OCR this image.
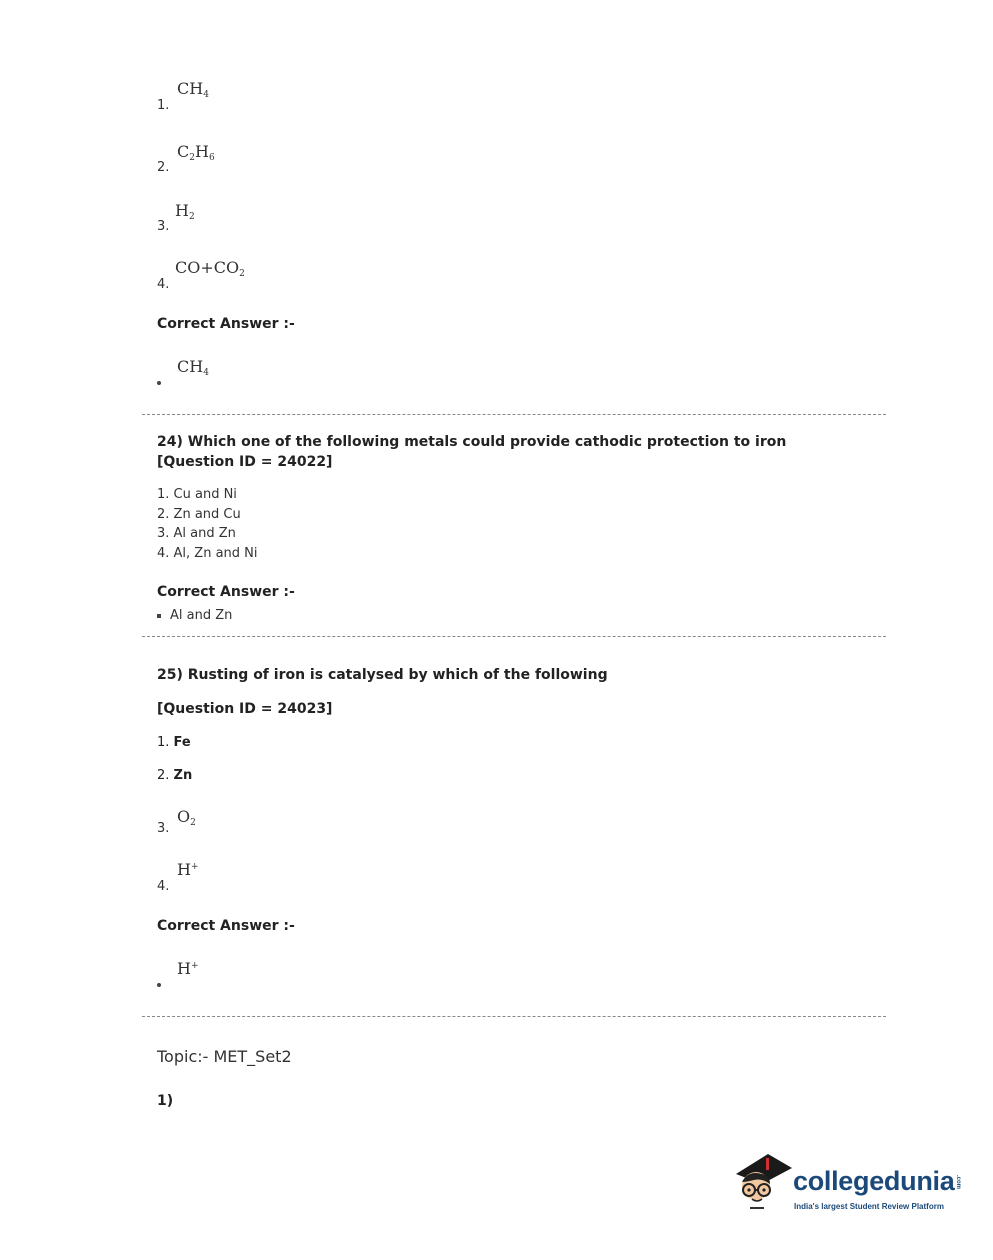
$CH_4$
1.
$C_2H_6$
2.
$H_2$
3.
$CO+CO_2$
4.
Correct Answer :-
$CH_4$
24) Which one of the following metals could provide cathodic protection to iron [Question ID = 24022]
1. Cu and Ni
2. Zn and Cu
3. Al and Zn
4. Al, Zn and Ni
Correct Answer :-
Al and Zn
25) Rusting of iron is catalysed by which of the following
[Question ID = 24023]
1. Fe
2. Zn
$O_2$
3.
H+
4.
Correct Answer :-
H+
Topic:- MET_Set2
1)
collegedunia .com
India's largest Student Review Platform
